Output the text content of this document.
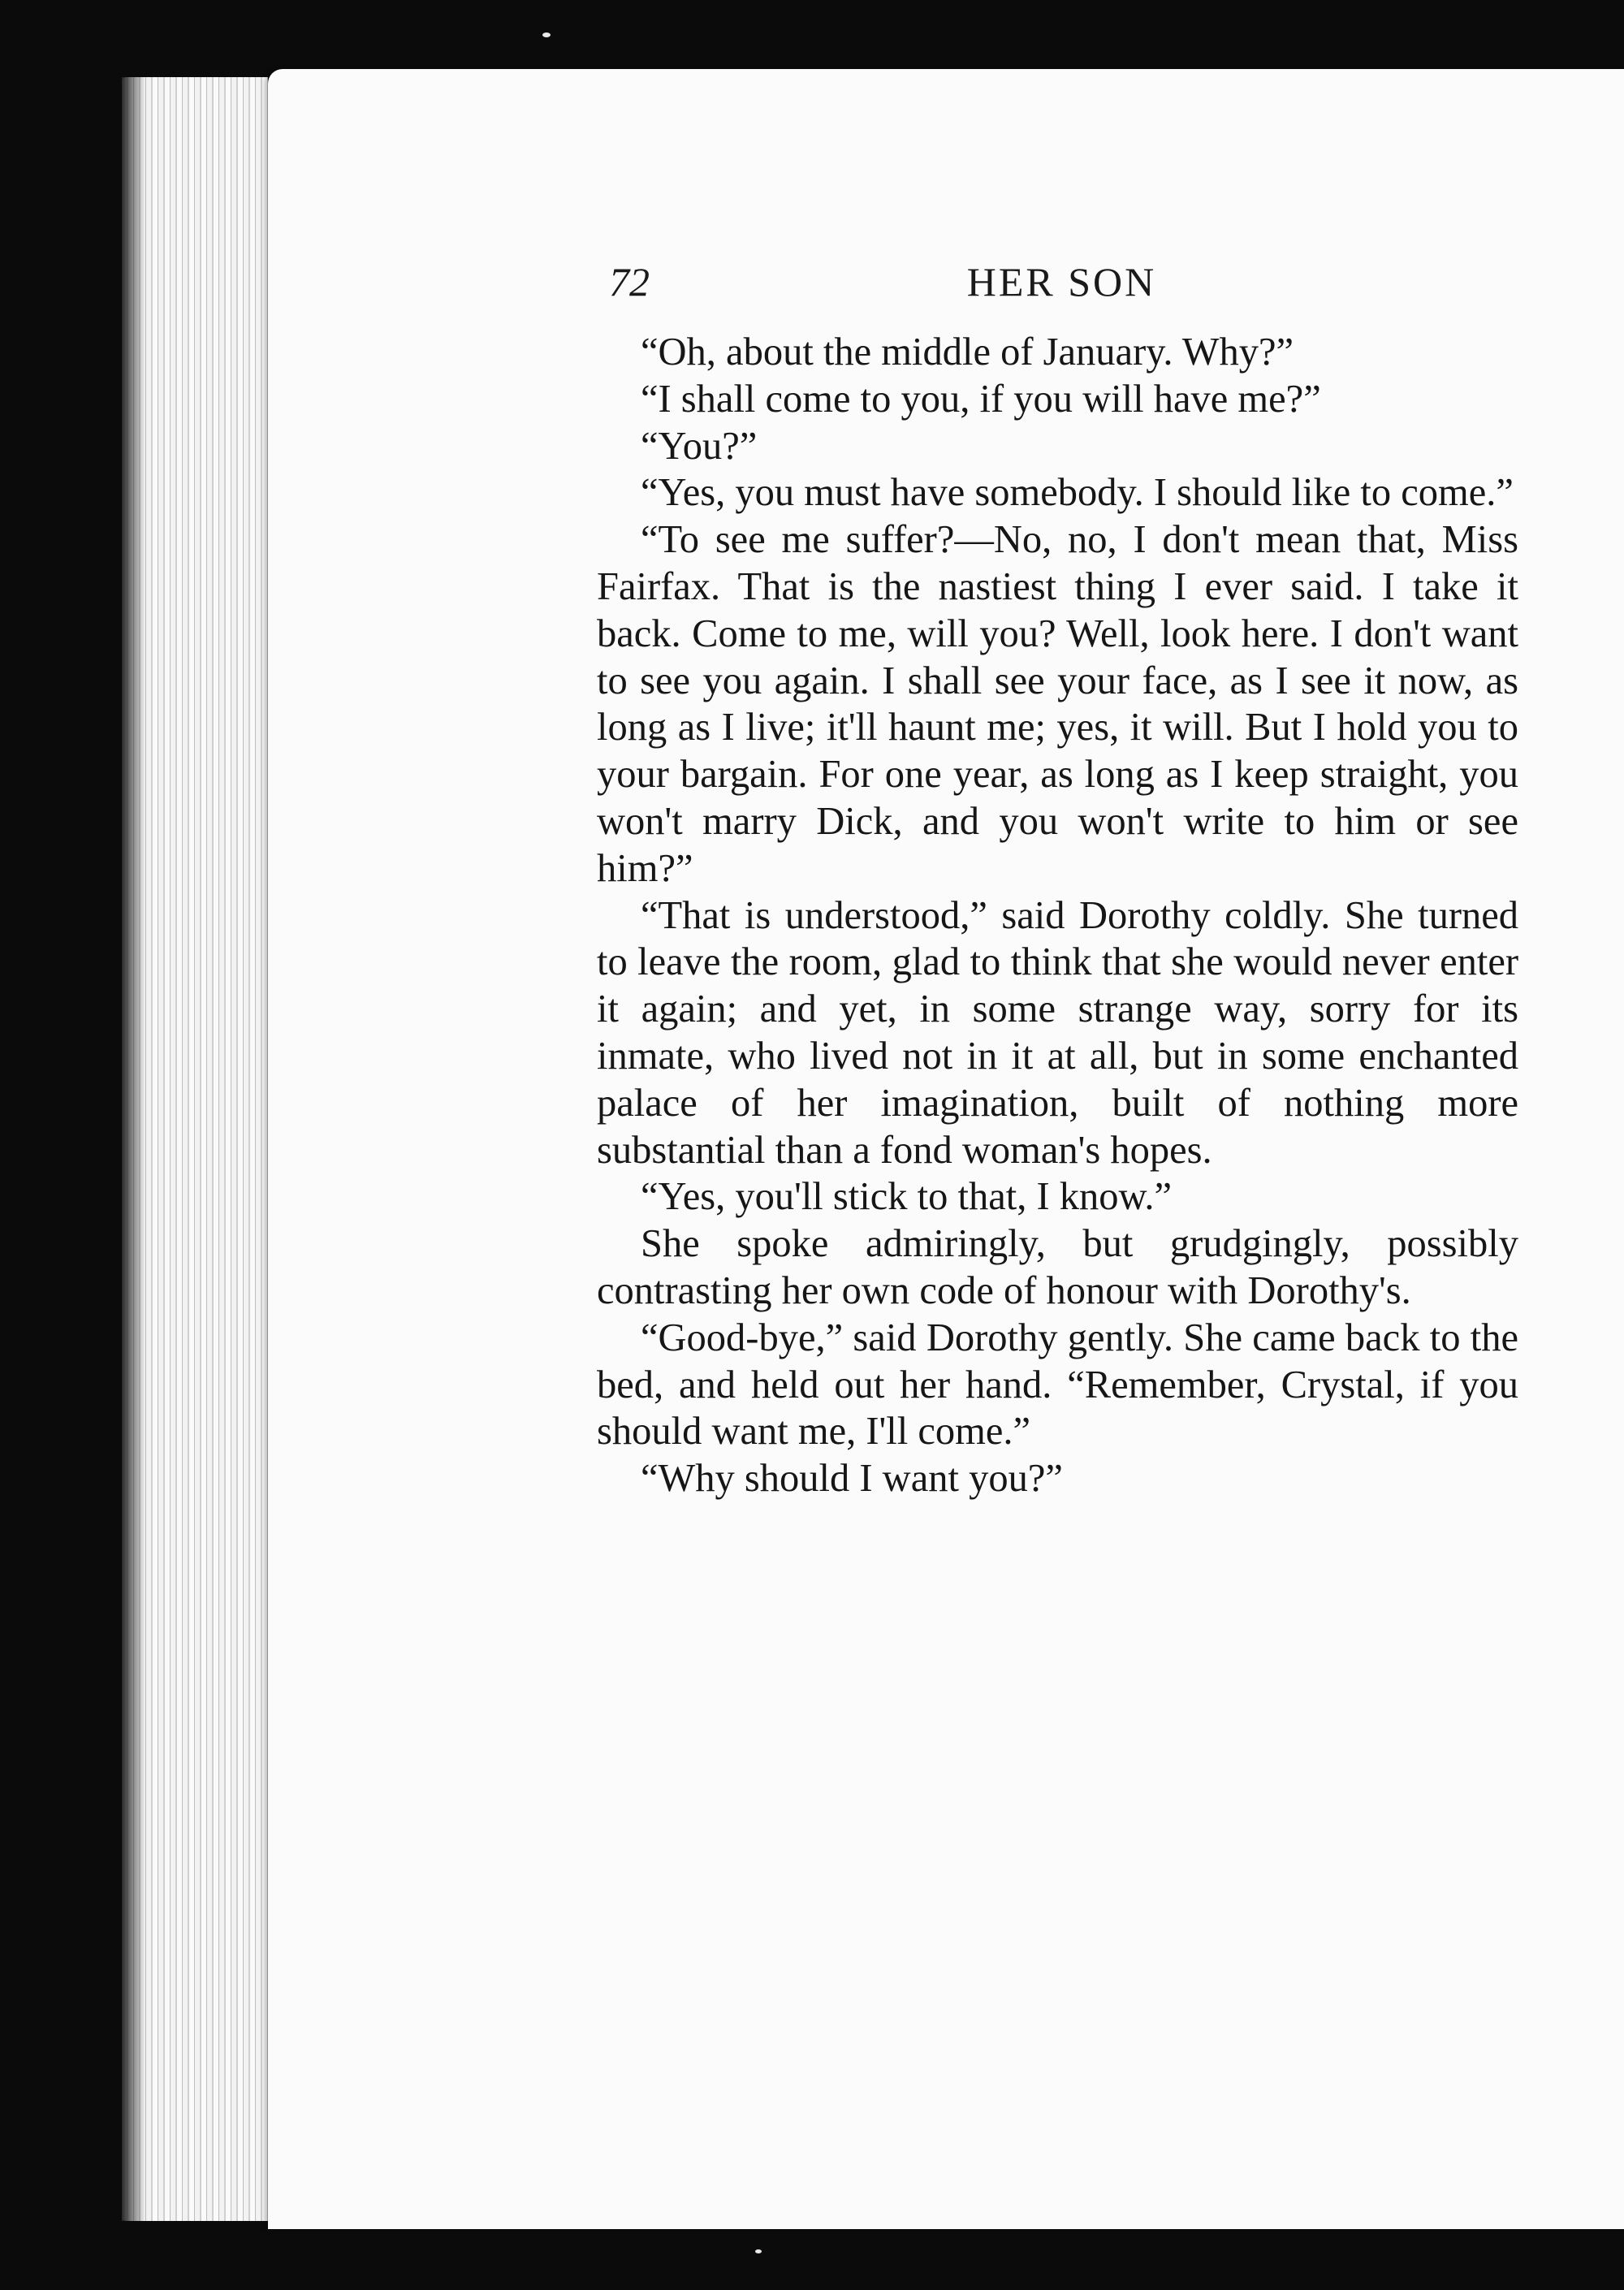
72	HER SON

“Oh, about the middle of January. Why?”

“I shall come to you, if you will have me?”

“You?”

“Yes, you must have somebody. I should like to come.”

“To see me suffer?—No, no, I don't mean that, Miss Fairfax. That is the nastiest thing I ever said. I take it back. Come to me, will you? Well, look here. I don't want to see you again. I shall see your face, as I see it now, as long as I live; it'll haunt me; yes, it will. But I hold you to your bargain. For one year, as long as I keep straight, you won't marry Dick, and you won't write to him or see him?”

“That is understood,” said Dorothy coldly. She turned to leave the room, glad to think that she would never enter it again; and yet, in some strange way, sorry for its inmate, who lived not in it at all, but in some enchanted palace of her imagination, built of nothing more substantial than a fond woman's hopes.

“Yes, you'll stick to that, I know.”

She spoke admiringly, but grudgingly, possibly contrasting her own code of honour with Dorothy's.

“Good-bye,” said Dorothy gently. She came back to the bed, and held out her hand. “Remember, Crystal, if you should want me, I'll come.”

“Why should I want you?”
